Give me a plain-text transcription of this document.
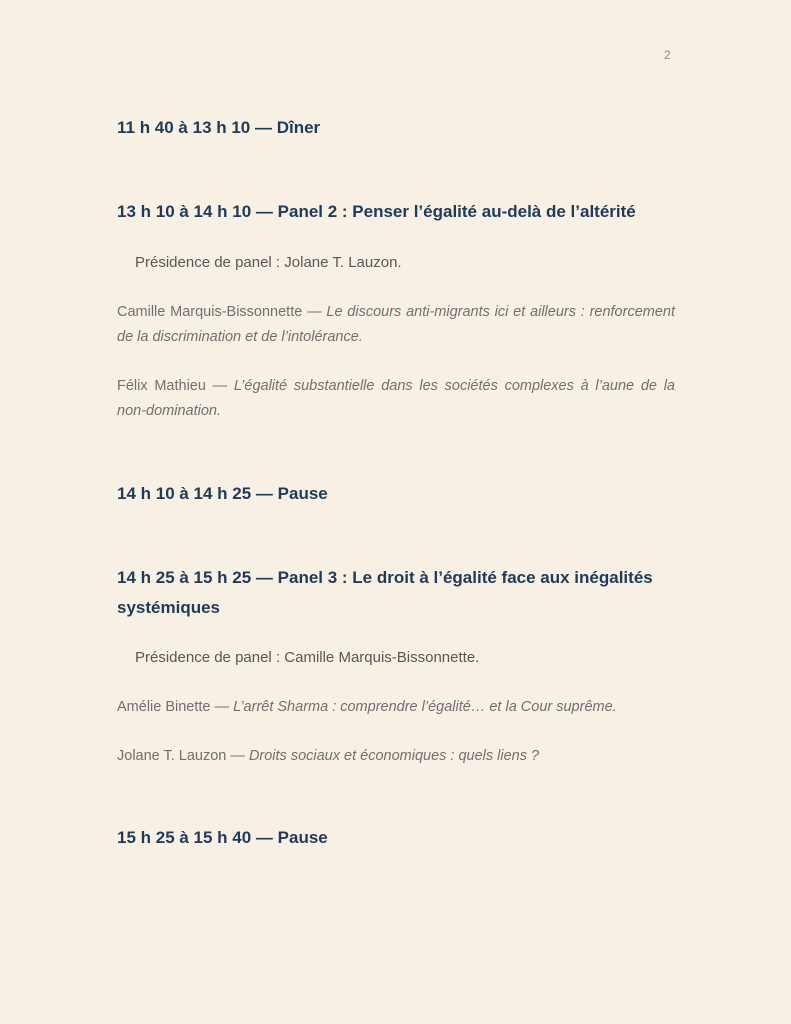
2
11 h 40 à 13 h 10 — Dîner
13 h 10 à 14 h 10 — Panel 2 : Penser l’égalité au-delà de l’altérité

Présidence de panel : Jolane T. Lauzon.

Camille Marquis-Bissonnette — Le discours anti-migrants ici et ailleurs : renforcement de la discrimination et de l’intolérance.

Félix Mathieu — L’égalité substantielle dans les sociétés complexes à l’aune de la non-domination.

14 h 10 à 14 h 25 — Pause
14 h 25 à 15 h 25 — Panel 3 : Le droit à l’égalité face aux inégalités systémiques

Présidence de panel : Camille Marquis-Bissonnette.

Amélie Binette — L’arrêt Sharma : comprendre l’égalité… et la Cour suprême.

Jolane T. Lauzon — Droits sociaux et économiques : quels liens ?

15 h 25 à 15 h 40 — Pause
